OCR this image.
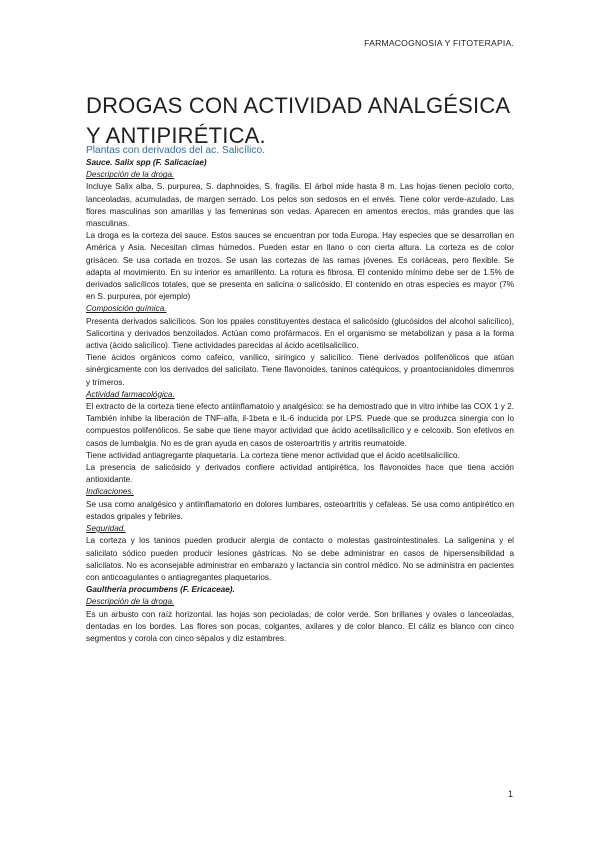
FARMACOGNOSIA Y FITOTERAPIA.
DROGAS CON ACTIVIDAD ANALGÉSICA Y ANTIPIRÉTICA.

Plantas con derivados del ac. Salicílico.

Sauce. Salix spp (F. Salicaciae)

Descripción de la droga.

Incluye Salix alba, S. purpurea, S. daphnoides, S. fragilis. El árbol mide hasta 8 m. Las hojas tienen peciolo corto, lanceoladas, acumuladas, de margen serrado. Los pelos son sedosos en el envés. Tiene color verde-azulado. Las flores masculinas son amarillas y las femeninas son vedas. Aparecen en amentos erectos, más grandes que las masculinas.

La droga es la corteza del sauce. Estos sauces se encuentran por toda Europa. Hay especies que se desarrollan en América y Asia. Necesitan climas húmedos. Pueden estar en llano o con cierta altura. La corteza es de color grisáceo. Se usa cortada en trozos. Se usan las cortezas de las ramas jóvenes. Es coriáceas, pero flexible. Se adapta al movimiento. En su interior es amarillento. La rotura es fibrosa. El contenido mínimo debe ser de 1.5% de derivados salicílicos totales, que se presenta en salicina o salicósido. El contenido en otras especies es mayor (7% en S. purpurea, por ejemplo)

Composición química.

Presenta derivados salicílicos. Son los ppales constituyentes destaca el salicósido (glucósidos del alcohol salicílico), Salicortina y derivados benzoilados. Actúan como profármacos. En el organismo se metabolizan y pasa a la forma activa (ácido salicílico). Tiene actividades parecidas al ácido acetilsalicílico.

Tiene ácidos orgánicos como cafeico, vanílico, siríngico y salicílico. Tiene derivados polifenólicos que atúan sinérgicamente con los derivados del salicilato. Tiene flavonoides, taninos catéquicos, y proantocianidoles dímemros y trímeros.

Actividad farmacológica.

El extracto de la corteza tiene efecto antiinflamatoio y analgésico: se ha demostrado que in vitro inhibe las COX 1 y 2. También inhibe la liberación de TNF-alfa, il-1beta e IL-6 inducida por LPS. Puede que se produzca sinergia con lo compuestos polifenólicos. Se sabe que tiene mayor actividad que ácido acetilsalicílico y e celcoxib. Son efetivos en casos de lumbalgia. No es de gran ayuda en casos de osteroartritis y artritis reumatoide.

Tiene actividad antiagregante plaquetaria. La corteza tiene menor actividad que el ácido acetilsalicílico.

La presencia de salicósido y derivados confiere actividad antipirética, los flavonoides hace que tiena acción antioxidante.

Indicaciones.

Se usa como analgésico y antiinflamatorio en dolores lumbares, osteoartritis y cefaleas. Se usa como antipirético en estados gripales y febriles.

Seguridad.

La corteza y los taninos pueden producir alergia de contacto o molestas gastrointestinales. La saligenina y el salicilato sódico pueden producir lesiones gástricas. No se debe administrar en casos de hipersensibilidad a salicilatos. No es aconsejable administrar en embarazo y lactancia sin control médico. No se administra en pacientes con anticoagulantes o antiagregantes plaquetarios.

Gaultheria procumbens (F. Ericaceae).

Descripción de la droga.

Es un arbusto con raíz horizontal. las hojas son pecioladas, de color verde. Son brillanes y ovales o lanceoladas, dentadas en los bordes. Las flores son pocas, colgantes, axilares y de color blanco. El cáliz es blanco con cinco segmentos y corola con cinco sépalos y diz estambres.

1
